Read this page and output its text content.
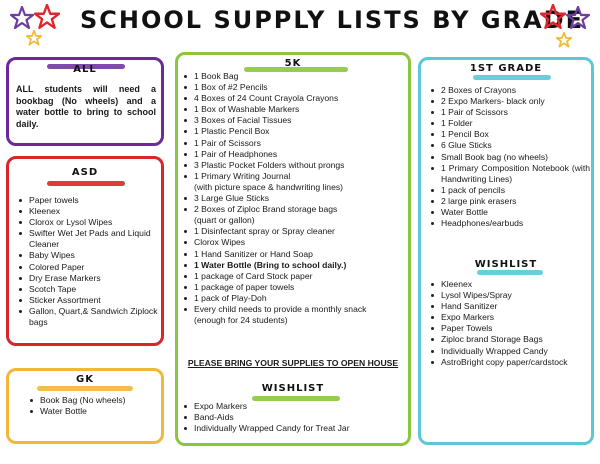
SCHOOL SUPPLY LISTS BY GRADE
ALL
ALL students will need a bookbag (No wheels) and a water bottle to bring to school daily.
ASD
Paper towels
Kleenex
Clorox or Lysol Wipes
Swifter Wet Jet Pads and Liquid Cleaner
Baby Wipes
Colored Paper
Dry Erase Markers
Scotch Tape
Sticker Assortment
Gallon, Quart,& Sandwich Ziplock bags
GK
Book Bag (No wheels)
Water Bottle
5K
1 Book Bag
1 Box of #2 Pencils
4 Boxes of 24 Count Crayola Crayons
1 Box of Washable Markers
3 Boxes of Facial Tissues
1 Plastic Pencil Box
1 Pair of Scissors
1 Pair of Headphones
3 Plastic Pocket Folders without prongs
1 Primary Writing Journal
(with picture space & handwriting lines)
3 Large Glue Sticks
2 Boxes of Ziploc Brand storage bags
(quart or gallon)
1 Disinfectant spray or Spray cleaner
Clorox Wipes
1 Hand Sanitizer or Hand Soap
1 Water Bottle (Bring to school daily.)
1 package of Card Stock paper
1 package of paper towels
1 pack of Play-Doh
Every child needs to provide a monthly snack
(enough for 24 students)
PLEASE BRING YOUR SUPPLIES TO OPEN HOUSE
WISHLIST
Expo Markers
Band-Aids
Individually Wrapped Candy for Treat Jar
1ST GRADE
2 Boxes of Crayons
2 Expo Markers- black only
1 Pair of Scissors
1 Folder
1 Pencil Box
6 Glue Sticks
Small Book bag (no wheels)
1 Primary Composition Notebook (with Handwriting Lines)
1 pack of pencils
2 large pink erasers
Water Bottle
Headphones/earbuds
WISHLIST
Kleenex
Lysol Wipes/Spray
Hand Sanitizer
Expo Markers
Paper Towels
Ziploc brand Storage Bags
Individually Wrapped Candy
AstroBright copy paper/cardstock
